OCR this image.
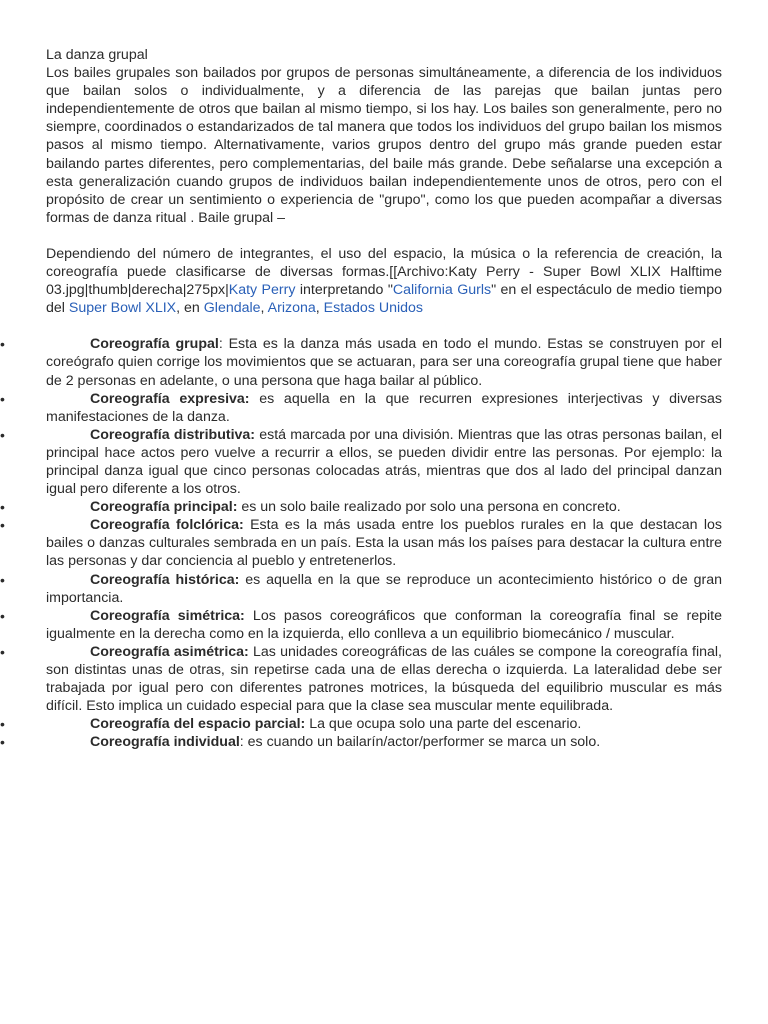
La danza grupal

Los bailes grupales son bailados por grupos de personas simultáneamente, a diferencia de los individuos que bailan solos o individualmente, y a diferencia de las parejas que bailan juntas pero independientemente de otros que bailan al mismo tiempo, si los hay. Los bailes son generalmente, pero no siempre, coordinados o estandarizados de tal manera que todos los individuos del grupo bailan los mismos pasos al mismo tiempo. Alternativamente, varios grupos dentro del grupo más grande pueden estar bailando partes diferentes, pero complementarias, del baile más grande. Debe señalarse una excepción a esta generalización cuando grupos de individuos bailan independientemente unos de otros, pero con el propósito de crear un sentimiento o experiencia de "grupo", como los que pueden acompañar a diversas formas de danza ritual . Baile grupal –

Dependiendo del número de integrantes, el uso del espacio, la música o la referencia de creación, la coreografía puede clasificarse de diversas formas.[[Archivo:Katy Perry - Super Bowl XLIX Halftime 03.jpg|thumb|derecha|275px|Katy Perry interpretando "California Gurls" en el espectáculo de medio tiempo del Super Bowl XLIX, en Glendale, Arizona, Estados Unidos

•	Coreografía grupal: Esta es la danza más usada en todo el mundo. Estas se construyen por el coreógrafo quien corrige los movimientos que se actuaran, para ser una coreografía grupal tiene que haber de 2 personas en adelante, o una persona que haga bailar al público.
•	Coreografía expresiva: es aquella en la que recurren expresiones interjectivas y diversas manifestaciones de la danza.
•	Coreografía distributiva: está marcada por una división. Mientras que las otras personas bailan, el principal hace actos pero vuelve a recurrir a ellos, se pueden dividir entre las personas. Por ejemplo: la principal danza igual que cinco personas colocadas atrás, mientras que dos al lado del principal danzan igual pero diferente a los otros.
•	Coreografía principal: es un solo baile realizado por solo una persona en concreto.
•	Coreografía folclórica: Esta es la más usada entre los pueblos rurales en la que destacan los bailes o danzas culturales sembrada en un país. Esta la usan más los países para destacar la cultura entre las personas y dar conciencia al pueblo y entretenerlos.
•	Coreografía histórica: es aquella en la que se reproduce un acontecimiento histórico o de gran importancia.
•	Coreografía simétrica: Los pasos coreográficos que conforman la coreografía final se repite igualmente en la derecha como en la izquierda, ello conlleva a un equilibrio biomecánico / muscular.
•	Coreografía asimétrica: Las unidades coreográficas de las cuáles se compone la coreografía final, son distintas unas de otras, sin repetirse cada una de ellas derecha o izquierda. La lateralidad debe ser trabajada por igual pero con diferentes patrones motrices, la búsqueda del equilibrio muscular es más difícil. Esto implica un cuidado especial para que la clase sea muscular mente equilibrada.
•	Coreografía del espacio parcial: La que ocupa solo una parte del escenario.
•	Coreografía individual: es cuando un bailarín/actor/performer se marca un solo.
